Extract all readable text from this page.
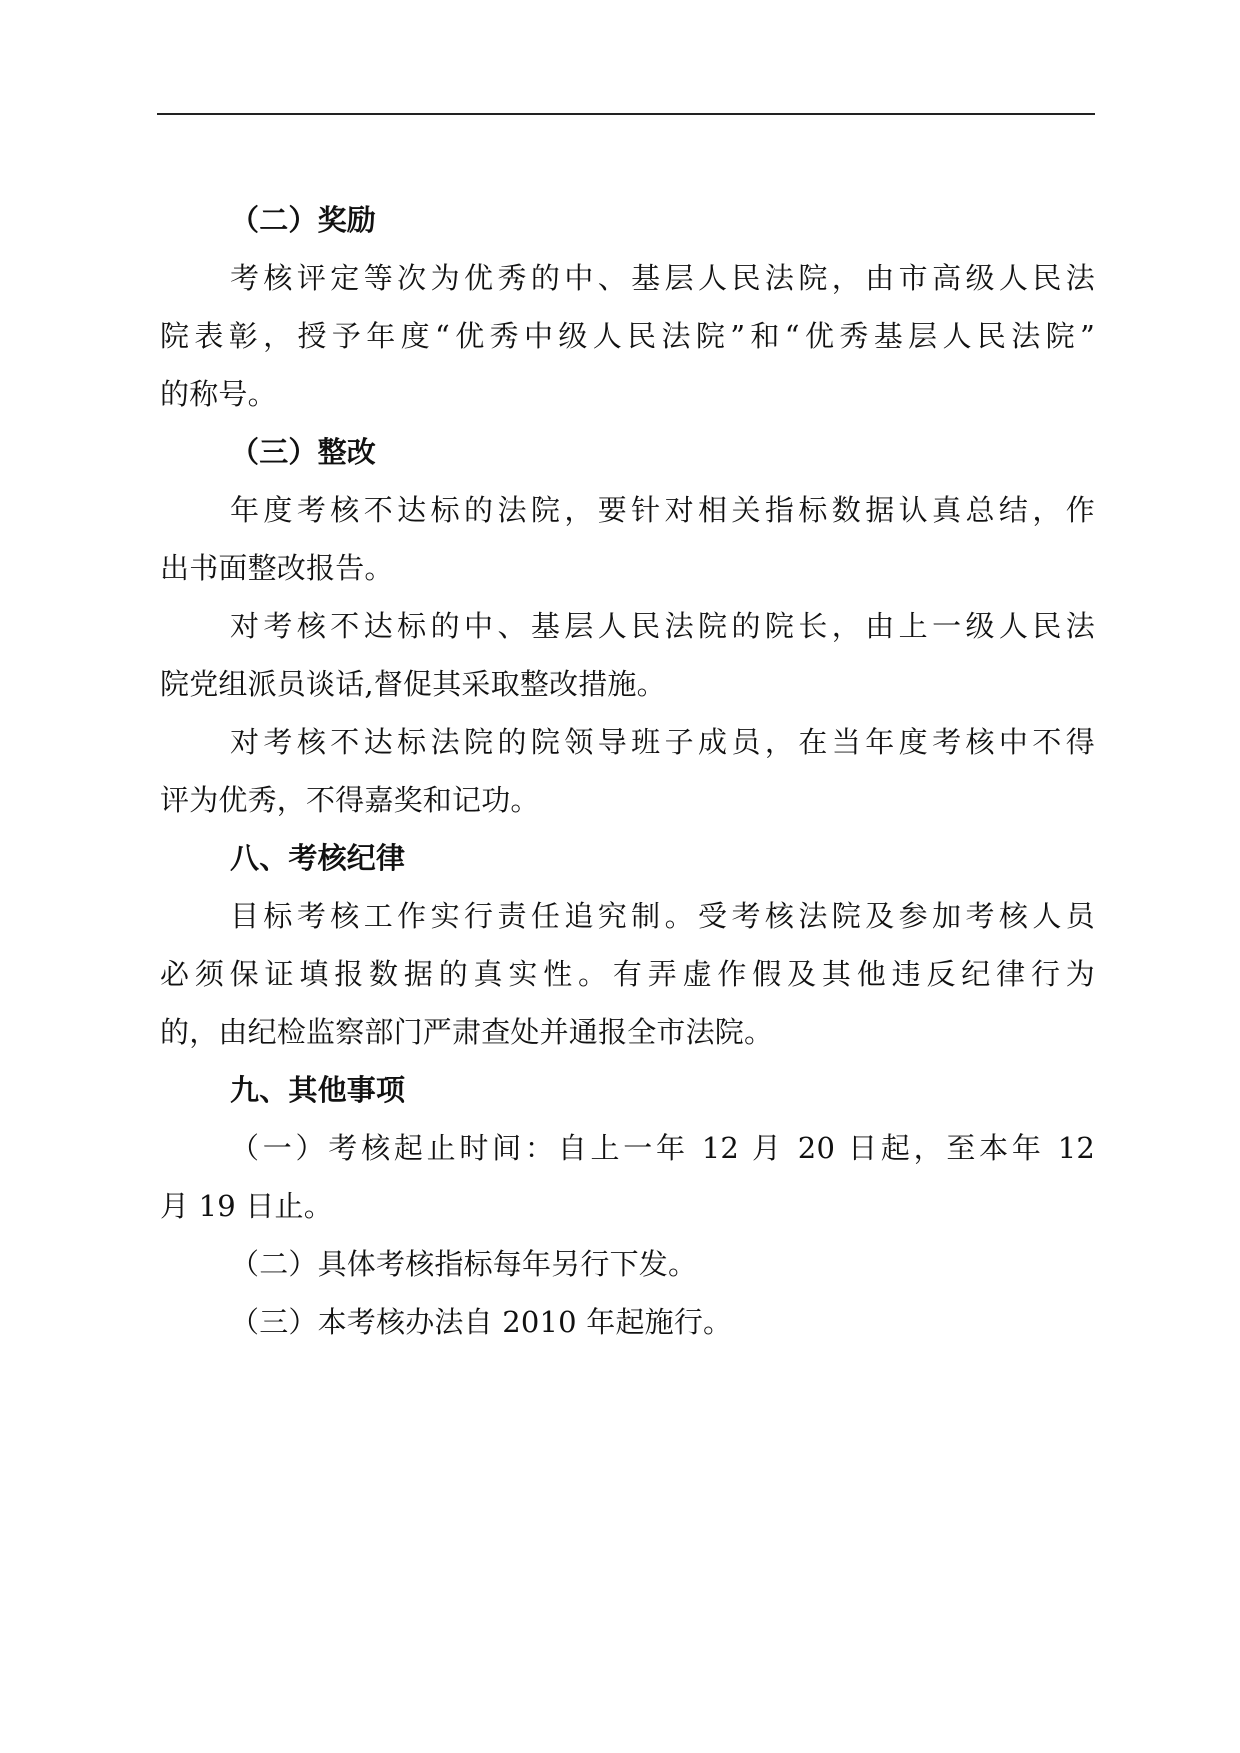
（二）奖励
考核评定等次为优秀的中、基层人民法院，由市高级人民法
院表彰，授予年度“优秀中级人民法院”和“优秀基层人民法院”
的称号。
（三）整改
年度考核不达标的法院，要针对相关指标数据认真总结，作
出书面整改报告。
对考核不达标的中、基层人民法院的院长，由上一级人民法
院党组派员谈话,督促其采取整改措施。
对考核不达标法院的院领导班子成员，在当年度考核中不得
评为优秀，不得嘉奖和记功。
八、考核纪律
目标考核工作实行责任追究制。受考核法院及参加考核人员
必须保证填报数据的真实性。有弄虚作假及其他违反纪律行为
的，由纪检监察部门严肃查处并通报全市法院。
九、其他事项
（一）考核起止时间：自上一年 12 月 20 日起，至本年 12
月 19 日止。
（二）具体考核指标每年另行下发。
（三）本考核办法自 2010 年起施行。
